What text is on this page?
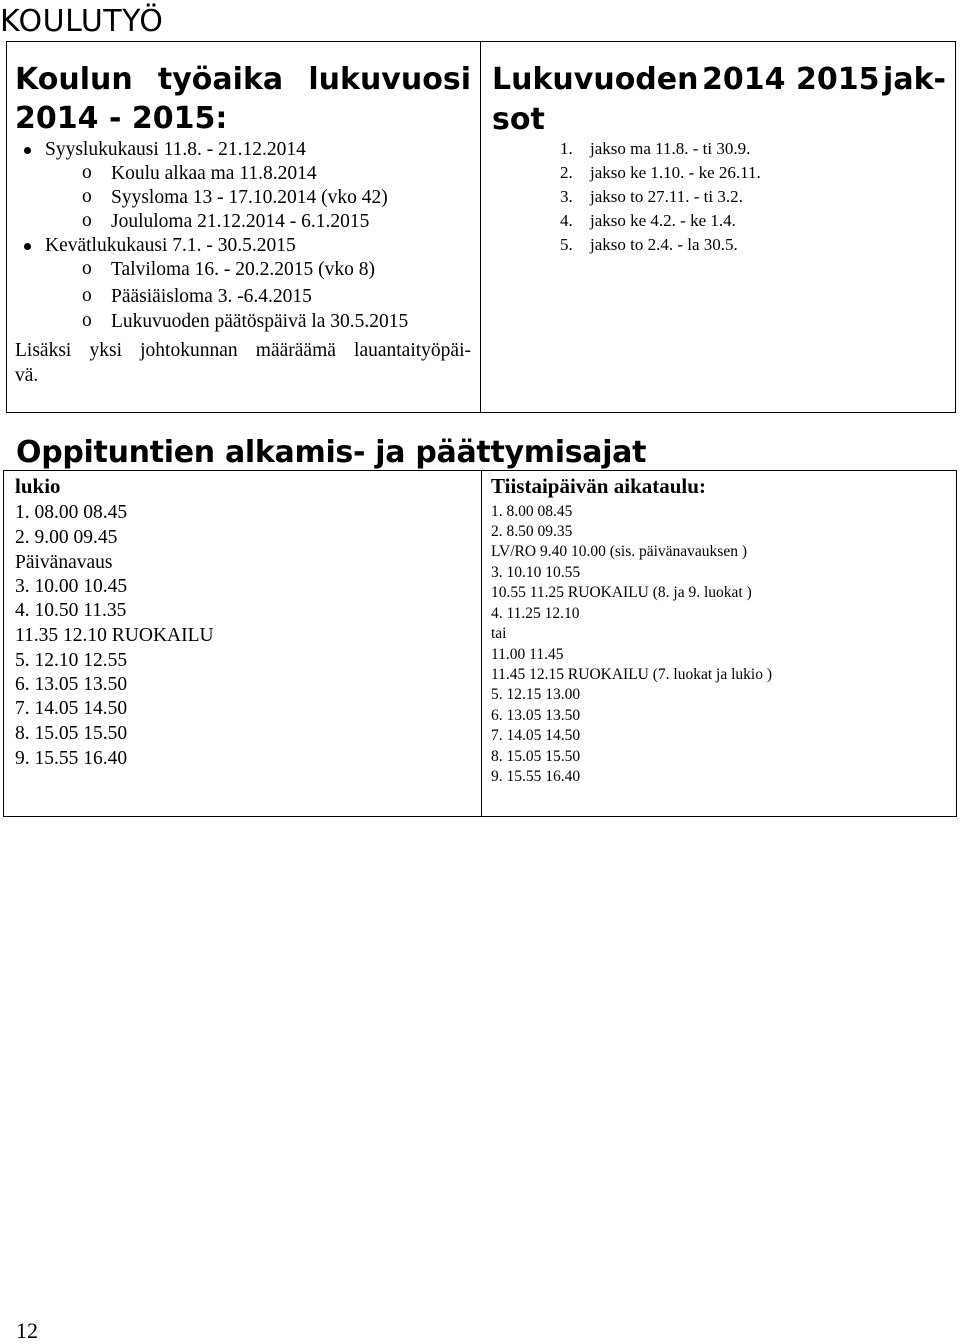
KOULUTYÖ
Koulun työaika lukuvuosi
2014 - 2015:
Syyslukukausi 11.8. - 21.12.2014
o Koulu alkaa ma 11.8.2014
o Syysloma 13 - 17.10.2014 (vko 42)
o Joululoma 21.12.2014 - 6.1.2015
Kevätlukukausi 7.1. - 30.5.2015
o Talviloma 16. - 20.2.2015 (vko 8)
o Pääsiäisloma 3. -6.4.2015
o Lukuvuoden päätöspäivä la 30.5.2015
Lisäksi yksi johtokunnan määräämä lauantaityöpäi-
vä.
Lukuvuoden 2014 2015 jak-
sot
1. jakso ma 11.8. - ti 30.9.
2. jakso ke 1.10. - ke 26.11.
3. jakso to 27.11. - ti 3.2.
4. jakso ke 4.2. - ke 1.4.
5. jakso to 2.4. - la 30.5.
Oppituntien alkamis- ja päättymisajat
lukio
1. 08.00 08.45
2. 9.00 09.45
Päivänavaus
3. 10.00 10.45
4. 10.50 11.35
11.35 12.10 RUOKAILU
5. 12.10 12.55
6. 13.05 13.50
7. 14.05 14.50
8. 15.05 15.50
9. 15.55 16.40
Tiistaipäivän aikataulu:
1. 8.00 08.45
2. 8.50 09.35
LV/RO 9.40 10.00 (sis. päivänavauksen )
3. 10.10 10.55
10.55 11.25 RUOKAILU (8. ja 9. luokat )
4. 11.25 12.10
tai
11.00 11.45
11.45 12.15 RUOKAILU (7. luokat ja lukio )
5. 12.15 13.00
6. 13.05 13.50
7. 14.05 14.50
8. 15.05 15.50
9. 15.55 16.40
12
